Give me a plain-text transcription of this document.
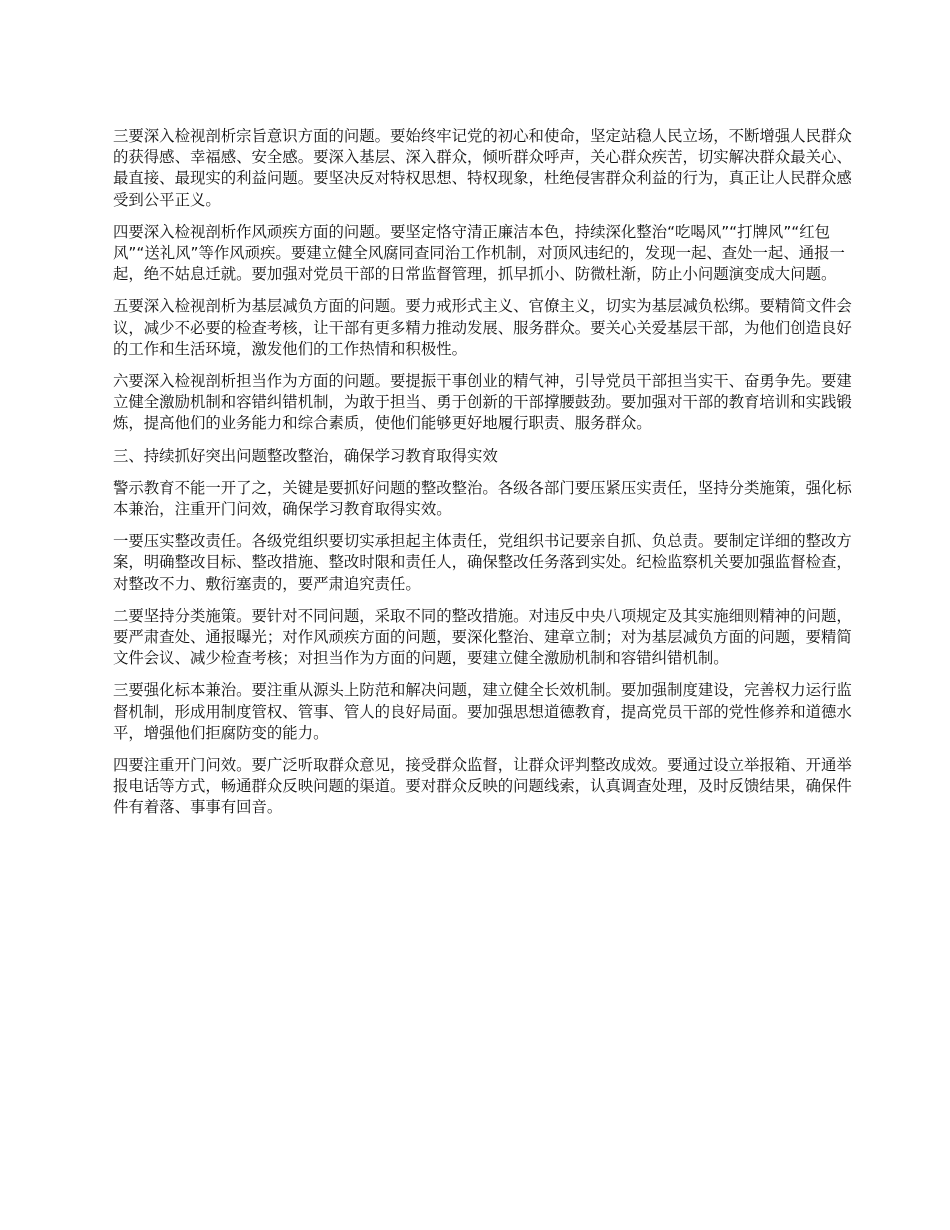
三要深入检视剖析宗旨意识方面的问题。要始终牢记党的初心和使命，坚定站稳人民立场，不断增强人民群众的获得感、幸福感、安全感。要深入基层、深入群众，倾听群众呼声，关心群众疾苦，切实解决群众最关心、最直接、最现实的利益问题。要坚决反对特权思想、特权现象，杜绝侵害群众利益的行为，真正让人民群众感受到公平正义。

四要深入检视剖析作风顽疾方面的问题。要坚定恪守清正廉洁本色，持续深化整治“吃喝风”“打牌风”“红包风”“送礼风”等作风顽疾。要建立健全风腐同查同治工作机制，对顶风违纪的，发现一起、查处一起、通报一起，绝不姑息迁就。要加强对党员干部的日常监督管理，抓早抓小、防微杜渐，防止小问题演变成大问题。

五要深入检视剖析为基层减负方面的问题。要力戒形式主义、官僚主义，切实为基层减负松绑。要精简文件会议，减少不必要的检查考核，让干部有更多精力推动发展、服务群众。要关心关爱基层干部，为他们创造良好的工作和生活环境，激发他们的工作热情和积极性。

六要深入检视剖析担当作为方面的问题。要提振干事创业的精气神，引导党员干部担当实干、奋勇争先。要建立健全激励机制和容错纠错机制，为敢于担当、勇于创新的干部撑腰鼓劲。要加强对干部的教育培训和实践锻炼，提高他们的业务能力和综合素质，使他们能够更好地履行职责、服务群众。

三、持续抓好突出问题整改整治，确保学习教育取得实效

警示教育不能一开了之，关键是要抓好问题的整改整治。各级各部门要压紧压实责任，坚持分类施策，强化标本兼治，注重开门问效，确保学习教育取得实效。

一要压实整改责任。各级党组织要切实承担起主体责任，党组织书记要亲自抓、负总责。要制定详细的整改方案，明确整改目标、整改措施、整改时限和责任人，确保整改任务落到实处。纪检监察机关要加强监督检查，对整改不力、敷衍塞责的，要严肃追究责任。

二要坚持分类施策。要针对不同问题，采取不同的整改措施。对违反中央八项规定及其实施细则精神的问题，要严肃查处、通报曝光；对作风顽疾方面的问题，要深化整治、建章立制；对为基层减负方面的问题，要精简文件会议、减少检查考核；对担当作为方面的问题，要建立健全激励机制和容错纠错机制。

三要强化标本兼治。要注重从源头上防范和解决问题，建立健全长效机制。要加强制度建设，完善权力运行监督机制，形成用制度管权、管事、管人的良好局面。要加强思想道德教育，提高党员干部的党性修养和道德水平，增强他们拒腐防变的能力。

四要注重开门问效。要广泛听取群众意见，接受群众监督，让群众评判整改成效。要通过设立举报箱、开通举报电话等方式，畅通群众反映问题的渠道。要对群众反映的问题线索，认真调查处理，及时反馈结果，确保件件有着落、事事有回音。
